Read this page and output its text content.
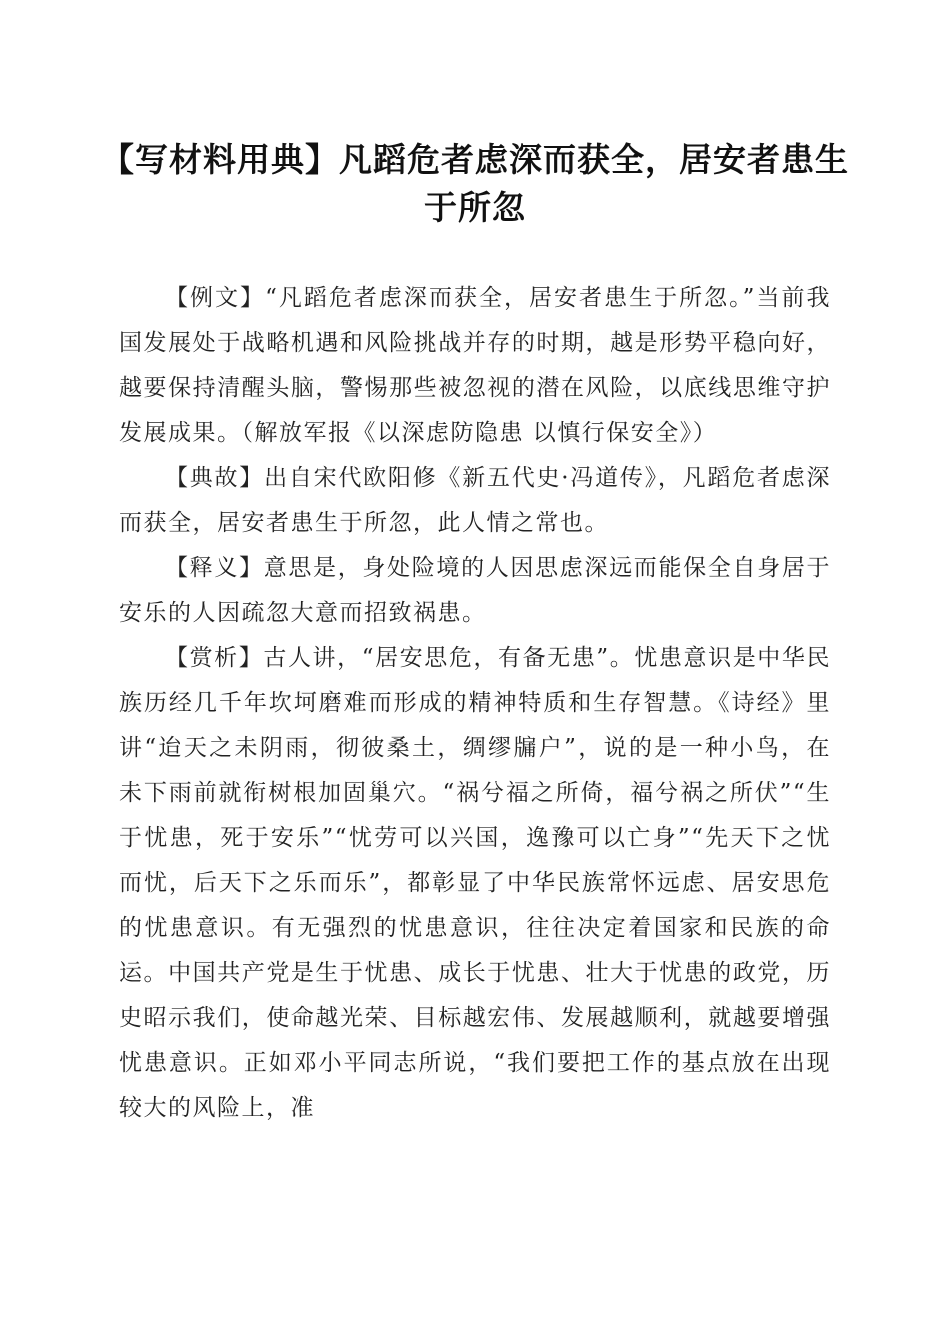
【写材料用典】凡蹈危者虑深而获全，居安者患生于所忽

【例文】“凡蹈危者虑深而获全，居安者患生于所忽。”当前我国发展处于战略机遇和风险挑战并存的时期，越是形势平稳向好，越要保持清醒头脑，警惕那些被忽视的潜在风险，以底线思维守护发展成果。（解放军报《以深虑防隐患 以慎行保安全》）

【典故】出自宋代欧阳修《新五代史·冯道传》，凡蹈危者虑深而获全，居安者患生于所忽，此人情之常也。

【释义】意思是，身处险境的人因思虑深远而能保全自身居于安乐的人因疏忽大意而招致祸患。

【赏析】古人讲，“居安思危，有备无患”。忧患意识是中华民族历经几千年坎坷磨难而形成的精神特质和生存智慧。《诗经》里讲“迨天之未阴雨，彻彼桑土，绸缪牖户”，说的是一种小鸟，在未下雨前就衔树根加固巢穴。“祸兮福之所倚，福兮祸之所伏”“生于忧患，死于安乐”“忧劳可以兴国，逸豫可以亡身”“先天下之忧而忧，后天下之乐而乐”，都彰显了中华民族常怀远虑、居安思危的忧患意识。有无强烈的忧患意识，往往决定着国家和民族的命运。中国共产党是生于忧患、成长于忧患、壮大于忧患的政党，历史昭示我们，使命越光荣、目标越宏伟、发展越顺利，就越要增强忧患意识。正如邓小平同志所说，“我们要把工作的基点放在出现较大的风险上，准
